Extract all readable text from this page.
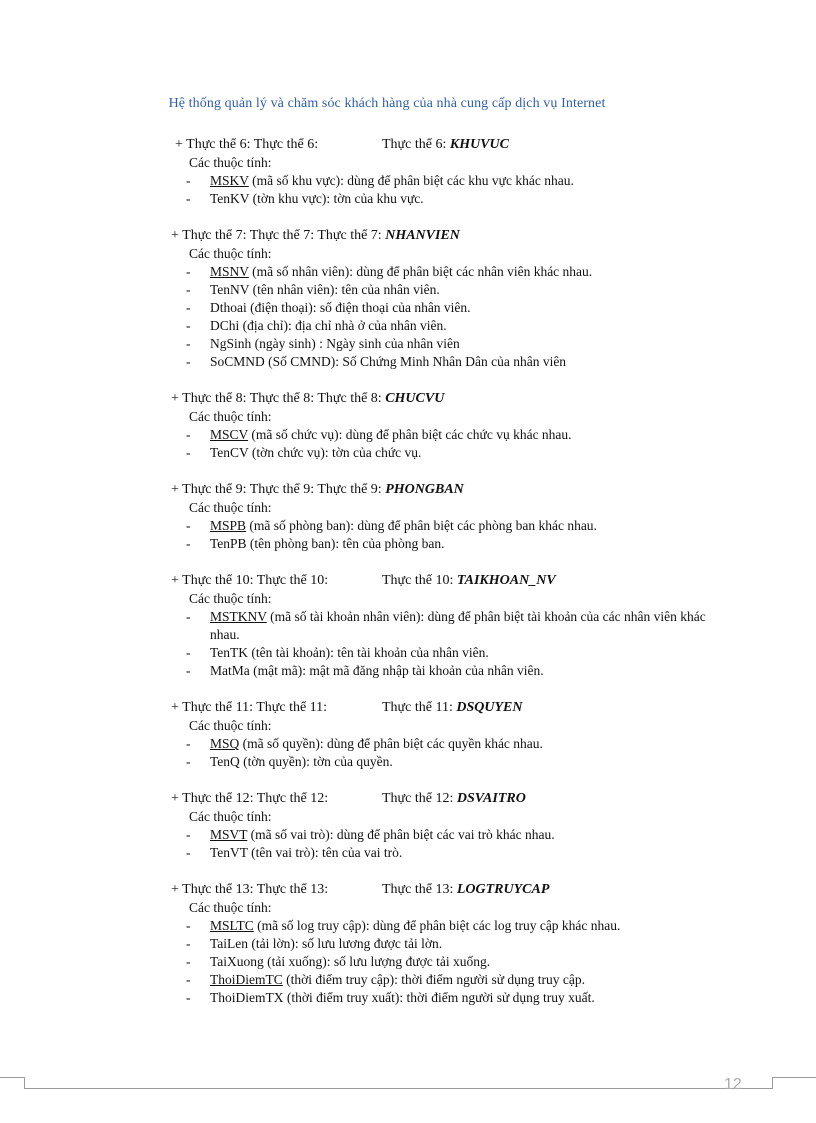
Hệ thống quản lý và chăm sóc khách hàng của nhà cung cấp dịch vụ Internet
+ Thực thể 6: Thực thể 6:	Thực thể 6: KHUVUC
Các thuộc tính:
- MSKV (mã số khu vực): dùng để phân biệt các khu vực khác nhau.
- TenKV (tờn khu vực): tờn của khu vực.
+ Thực thể 7: Thực thể 7: Thực thể 7: NHANVIEN
Các thuộc tính:
- MSNV (mã số nhân viên): dùng để phân biệt các nhân viên khác nhau.
- TenNV (tên nhân viên): tên của nhân viên.
- Dthoai (điện thoại): số điện thoại của nhân viên.
- DChi (địa chỉ): địa chỉ nhà ở của nhân viên.
- NgSinh (ngày sinh) : Ngày sinh của nhân viên
- SoCMND (Số CMND): Số Chứng Minh Nhân Dân của nhân viên
+ Thực thể 8: Thực thể 8: Thực thể 8: CHUCVU
Các thuộc tính:
- MSCV (mã số chức vụ): dùng để phân biệt các chức vụ khác nhau.
- TenCV (tờn chức vụ): tờn của chức vụ.
+ Thực thể 9: Thực thể 9: Thực thể 9: PHONGBAN
Các thuộc tính:
- MSPB (mã số phòng ban): dùng để phân biệt các phòng ban khác nhau.
- TenPB (tên phòng ban): tên của phòng ban.
+ Thực thể 10: Thực thể 10:	Thực thể 10: TAIKHOAN_NV
Các thuộc tính:
- MSTKNV (mã số tài khoản nhân viên): dùng để phân biệt tài khoản của các nhân viên khác nhau.
- TenTK (tên tài khoản): tên tài khoản của nhân viên.
- MatMa (mật mã): mật mã đăng nhập tài khoản của nhân viên.
+ Thực thể 11: Thực thể 11:	Thực thể 11: DSQUYEN
Các thuộc tính:
- MSQ (mã số quyền): dùng để phân biệt các quyền khác nhau.
- TenQ (tờn quyền): tờn của quyền.
+ Thực thể 12: Thực thể 12:	Thực thể 12: DSVAITRO
Các thuộc tính:
- MSVT (mã số vai trò): dùng để phân biệt các vai trò khác nhau.
- TenVT (tên vai trò): tên của vai trò.
+ Thực thể 13: Thực thể 13:	Thực thể 13: LOGTRUYCAP
Các thuộc tính:
- MSLTC (mã số log truy cập): dùng để phân biệt các log truy cập khác nhau.
- TaiLen (tải lờn): số lưu lương được tải lờn.
- TaiXuong (tải xuống): số lưu lượng được tải xuống.
- ThoiDiemTC (thời điểm truy cập): thời điểm người sử dụng truy cập.
- ThoiDiemTX (thời điểm truy xuất): thời điểm người sử dụng truy xuất.
12
